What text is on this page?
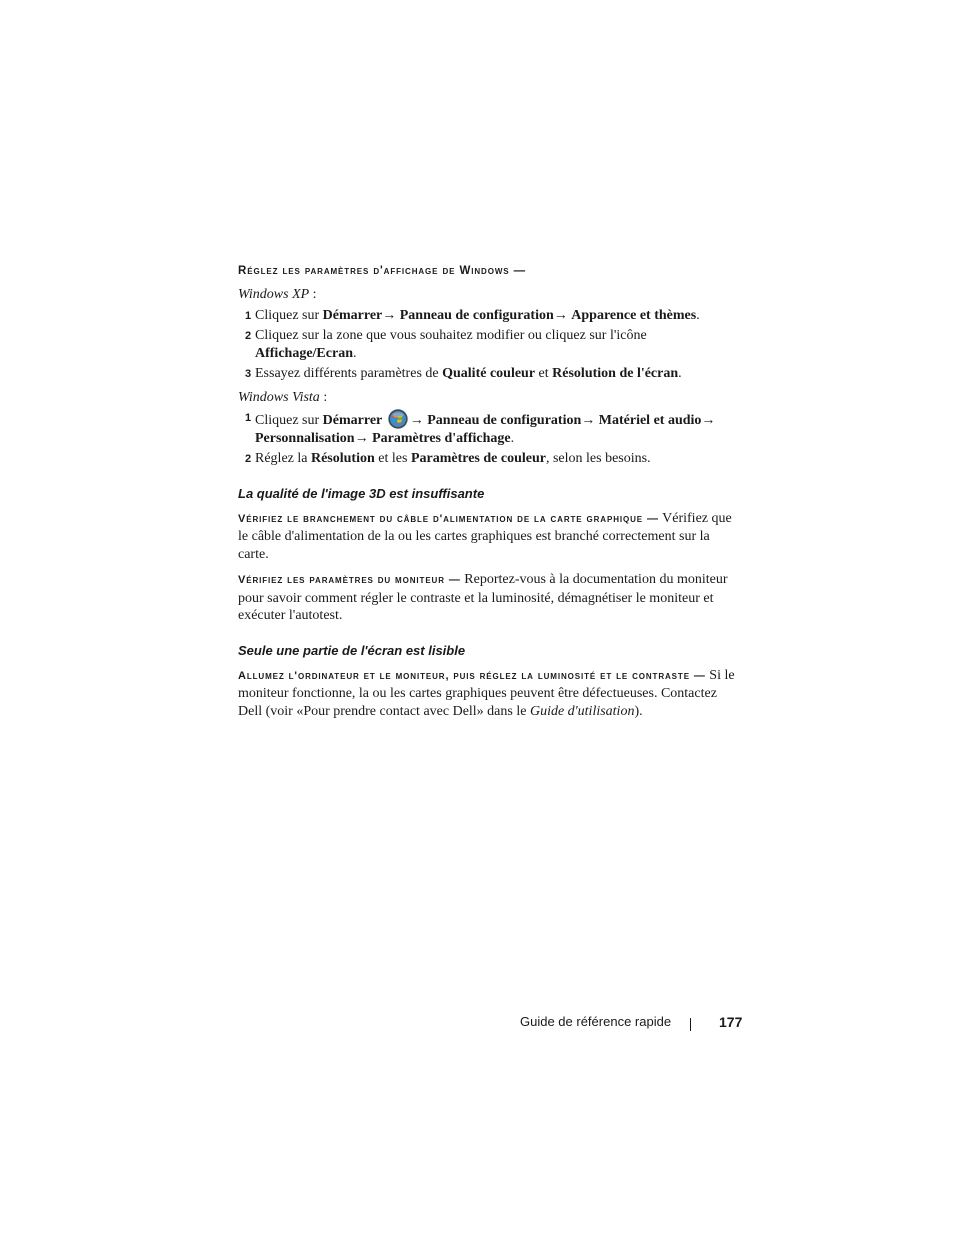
Réglez les paramètres d'affichage de Windows —

Windows XP :

1 Cliquez sur Démarrer→ Panneau de configuration→ Apparence et thèmes.
2 Cliquez sur la zone que vous souhaitez modifier ou cliquez sur l'icône Affichage/Ecran.
3 Essayez différents paramètres de Qualité couleur et Résolution de l'écran.

Windows Vista :

1 Cliquez sur Démarrer → Panneau de configuration→ Matériel et audio→
Personnalisation→ Paramètres d'affichage.
2 Réglez la Résolution et les Paramètres de couleur, selon les besoins.

La qualité de l'image 3D est insuffisante

Vérifiez le branchement du câble d'alimentation de la carte graphique — Vérifiez que le câble d'alimentation de la ou les cartes graphiques est branché correctement sur la carte.

Vérifiez les paramètres du moniteur — Reportez-vous à la documentation du moniteur pour savoir comment régler le contraste et la luminosité, démagnétiser le moniteur et exécuter l'autotest.

Seule une partie de l'écran est lisible

Allumez l'ordinateur et le moniteur, puis réglez la luminosité et le contraste — Si le moniteur fonctionne, la ou les cartes graphiques peuvent être défectueuses. Contactez Dell (voir «Pour prendre contact avec Dell» dans le Guide d'utilisation).

Guide de référence rapide	177
